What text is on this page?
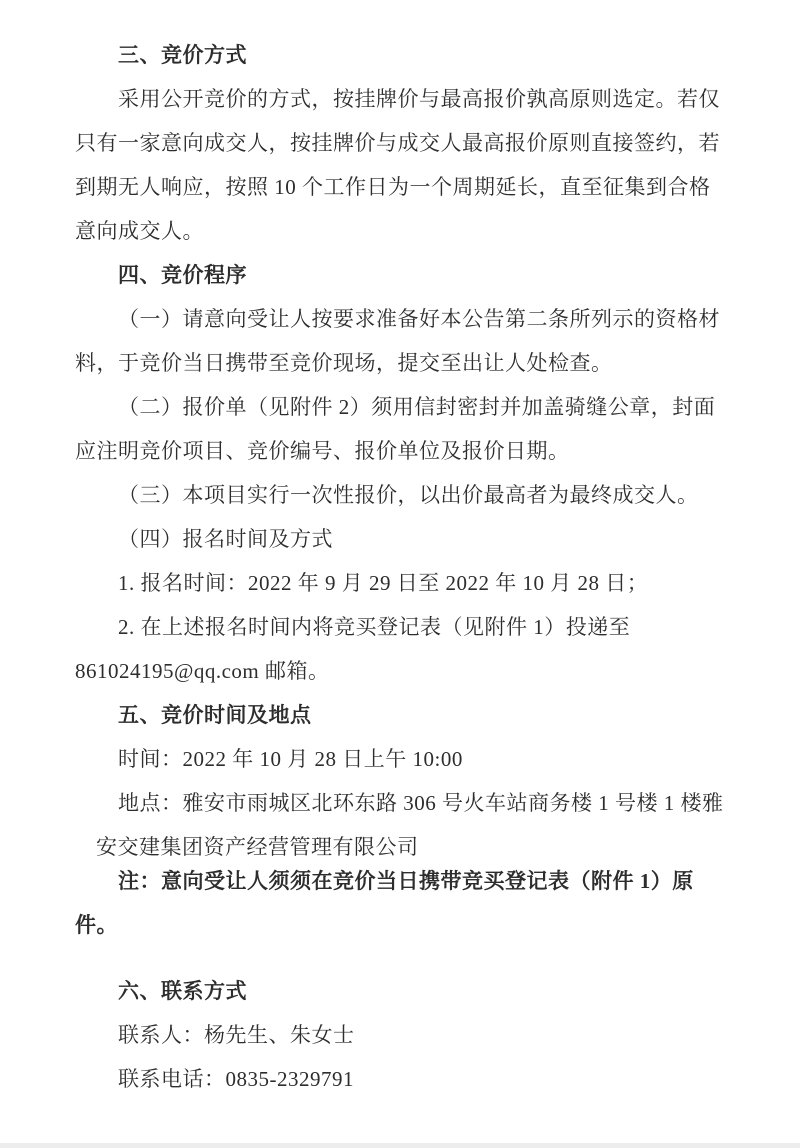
三、竞价方式
采用公开竞价的方式，按挂牌价与最高报价孰高原则选定。若仅
只有一家意向成交人，按挂牌价与成交人最高报价原则直接签约，若
到期无人响应，按照 10 个工作日为一个周期延长，直至征集到合格
意向成交人。
四、竞价程序
（一）请意向受让人按要求准备好本公告第二条所列示的资格材
料，于竞价当日携带至竞价现场，提交至出让人处检查。
（二）报价单（见附件 2）须用信封密封并加盖骑缝公章，封面
应注明竞价项目、竞价编号、报价单位及报价日期。
（三）本项目实行一次性报价，以出价最高者为最终成交人。
（四）报名时间及方式
1. 报名时间：2022 年 9 月 29 日至 2022 年 10 月 28 日；
2. 在上述报名时间内将竞买登记表（见附件 1）投递至
861024195@qq.com 邮箱。
五、竞价时间及地点
时间：2022 年 10 月 28 日上午 10:00
地点：雅安市雨城区北环东路 306 号火车站商务楼 1 号楼 1 楼雅
安交建集团资产经营管理有限公司
注：意向受让人须须在竞价当日携带竞买登记表（附件 1）原
件。
六、联系方式
联系人：杨先生、朱女士
联系电话：0835-2329791
